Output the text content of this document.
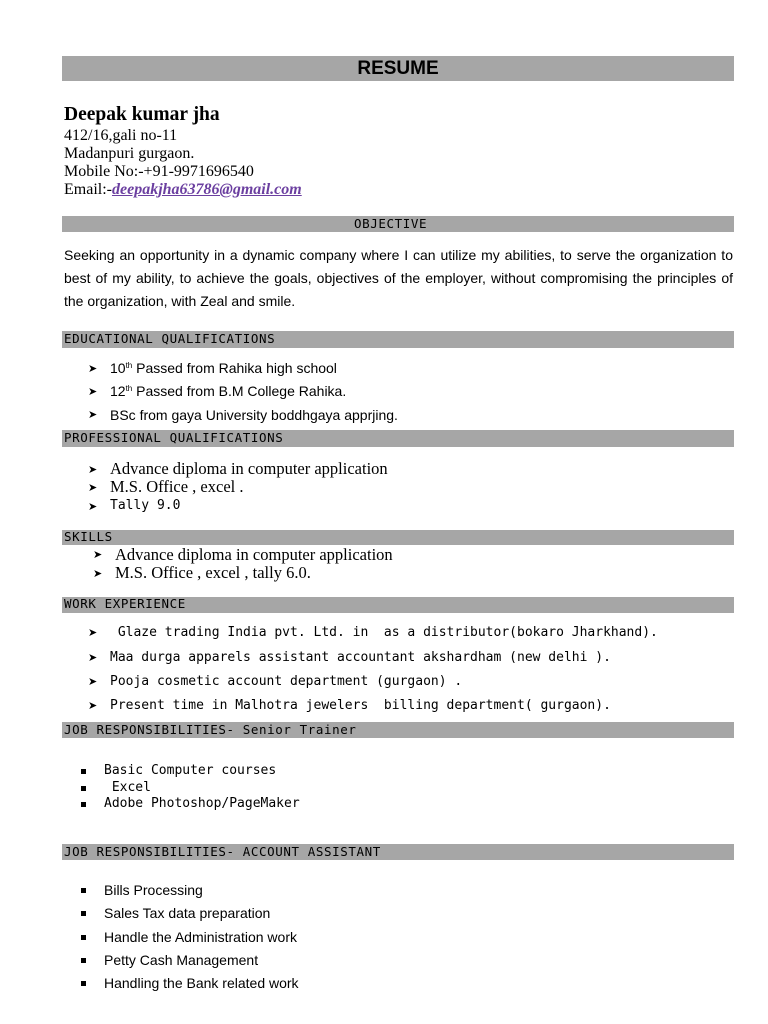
RESUME
Deepak kumar jha
412/16,gali no-11
Madanpuri gurgaon.
Mobile No:-+91-9971696540
Email:-deepakjha63786@gmail.com
OBJECTIVE
Seeking an opportunity in a dynamic company where I can utilize my abilities, to serve the organization to best of my ability, to achieve the goals, objectives of the employer, without compromising the principles of the organization, with Zeal and smile.
EDUCATIONAL QUALIFICATIONS
➤ 10th Passed from Rahika high school
➤ 12th Passed from B.M College Rahika.
➤ BSc from gaya University boddhgaya apprjing.
PROFESSIONAL QUALIFICATIONS
➤ Advance diploma in computer application
➤ M.S. Office , excel .
➤ Tally 9.0
SKILLS
➤ Advance diploma in computer application
➤ M.S. Office , excel , tally 6.0.
WORK EXPERIENCE
➤ Glaze trading India pvt. Ltd. in  as a distributor(bokaro Jharkhand).
➤ Maa durga apparels assistant accountant akshardham (new delhi ).
➤ Pooja cosmetic account department (gurgaon) .
➤ Present time in Malhotra jewelers  billing department( gurgaon).
JOB RESPONSIBILITIES- Senior Trainer
Basic Computer courses
Excel
Adobe Photoshop/PageMaker
JOB RESPONSIBILITIES- ACCOUNT ASSISTANT
Bills Processing
Sales Tax data preparation
Handle the Administration work
Petty Cash Management
Handling the Bank related work
